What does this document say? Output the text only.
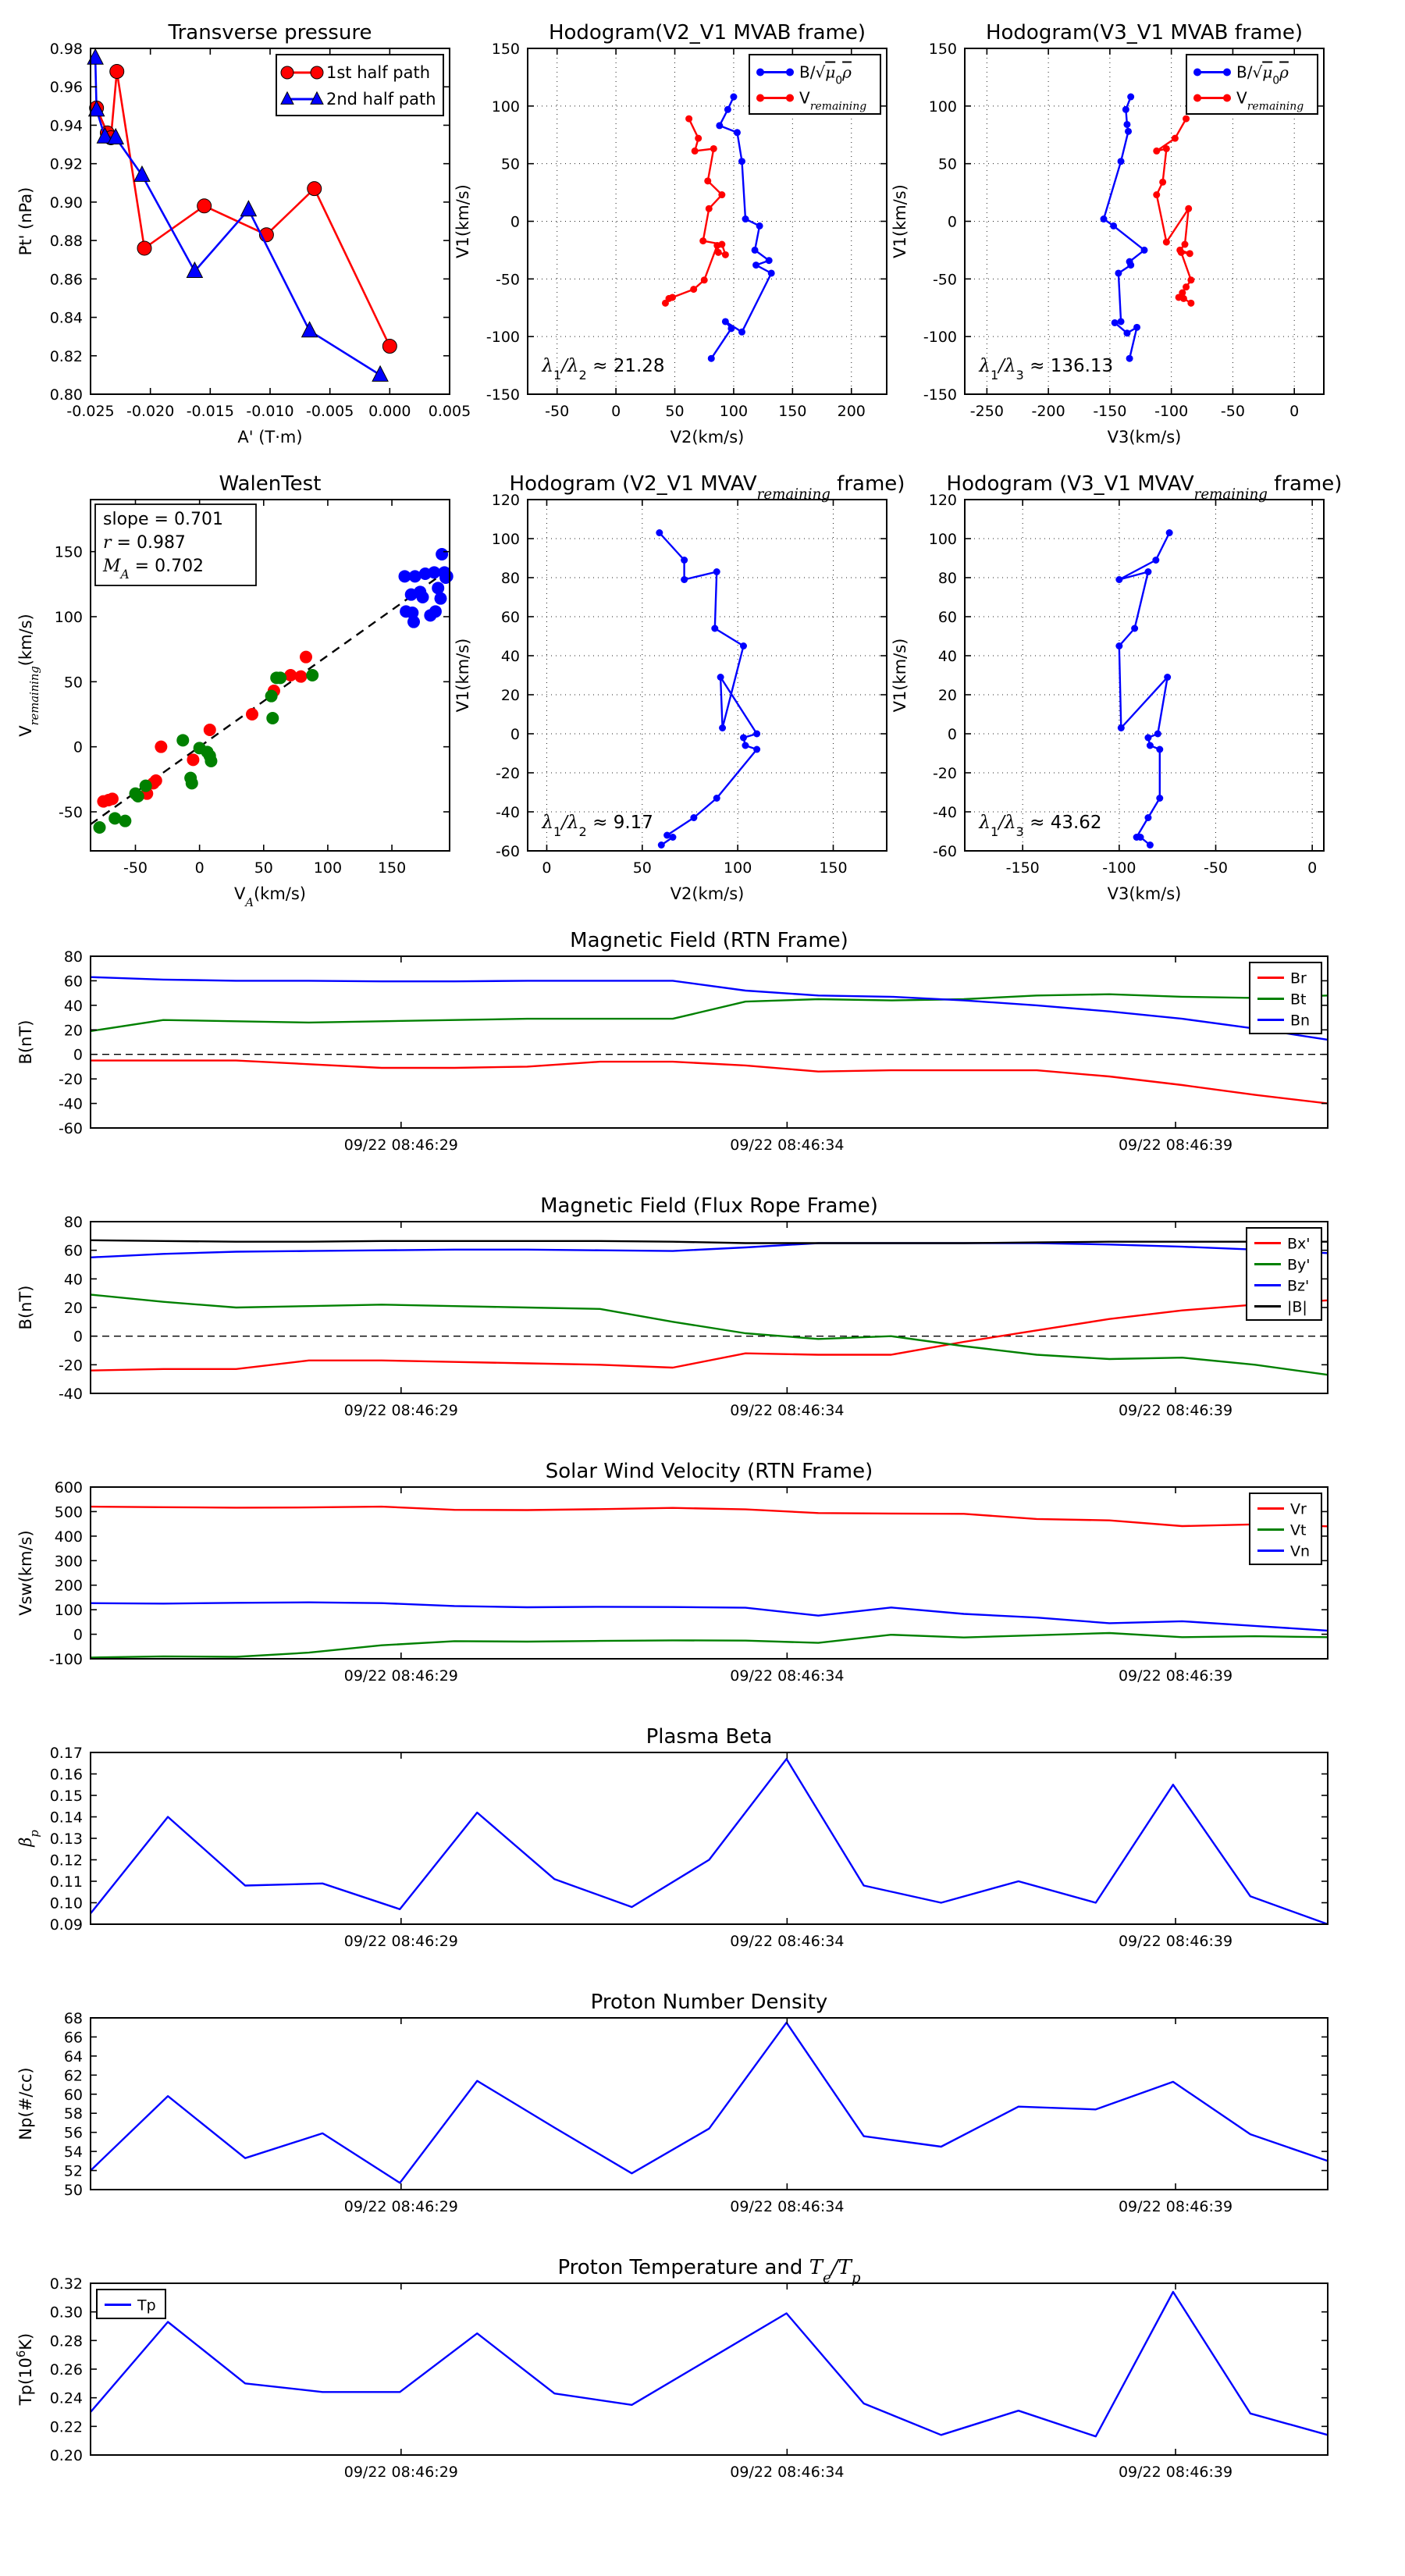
-0.025 -0.020 -0.015 -0.010 -0.005 0.000 0.005
0.80
0.82
0.84
0.86
0.88
0.90
0.92
0.94
0.96
0.98
Transverse pressure
A' (T·m)
Pt' (nPa)
1st half path
2nd half path
-50	0	50 100 150 200
-150
-100
-50
0
50
100
150
Hodogram(V2_V1 MVAB frame)
V2(km/s)
V1(km/s)
$B/√\mu_0\rho$
$V_{remaining}$
$\lambda_1/\lambda_2 \approx 21.28$
-250 -200 -150 -100 -50	0
-150
-100
-50
0
50
100
150
Hodogram(V3_V1 MVAB frame)
V3(km/s)
V1(km/s)
$B/√\mu_0\rho$
$V_{remaining}$
$\lambda_1/\lambda_3 \approx 136.13$
-50	0	50	100 150
-50
0
50
100
150
WalenTest
$V_A(km/s)$
$V_{remaining}(km/s)$
slope = 0.701
r = 0.987
$M_A = 0.702$
0	50	100	150
-60
-40
-20
0
20
40
60
80
100
120
Hodogram (V2_V1 $MVAV_{remaining}$ frame)
V2(km/s)
V1(km/s)
$\lambda_1/\lambda_2 \approx 9.17$
-150	-100	-50	0
-60
-40
-20
0
20
40
60
80
100
120
Hodogram (V3_V1 $MVAV_{remaining}$ frame)
V3(km/s)
V1(km/s)
$\lambda_1/\lambda_3 \approx 43.62$
09/22 08:46:29	09/22 08:46:34	09/22 08:46:39
-60
-40
-20
0
20
40
60
80
Magnetic Field (RTN Frame)
B(nT)
Br
Bt
Bn
09/22 08:46:29	09/22 08:46:34	09/22 08:46:39
-40
-20
0
20
40
60
80
Magnetic Field (Flux Rope Frame)
B(nT)
Bx'
By'
Bz'
|B|
09/22 08:46:29	09/22 08:46:34	09/22 08:46:39
-100
0
100
200
300
400
500
600
Solar Wind Velocity (RTN Frame)
Vsw(km/s)
Vr
Vt
Vn
09/22 08:46:29	09/22 08:46:34	09/22 08:46:39
0.09
0.10
0.11
0.12
0.13
0.14
0.15
0.16
0.17
Plasma Beta
$\beta_p$
09/22 08:46:29	09/22 08:46:34	09/22 08:46:39
50
52
54
56
58
60
62
64
66
68
Proton Number Density
Np(#/cc)
09/22 08:46:29	09/22 08:46:34	09/22 08:46:39
0.20
0.22
0.24
0.26
0.28
0.30
0.32
Proton Temperature and $T_e/T_p$
$Tp(10^6K)$
Tp
